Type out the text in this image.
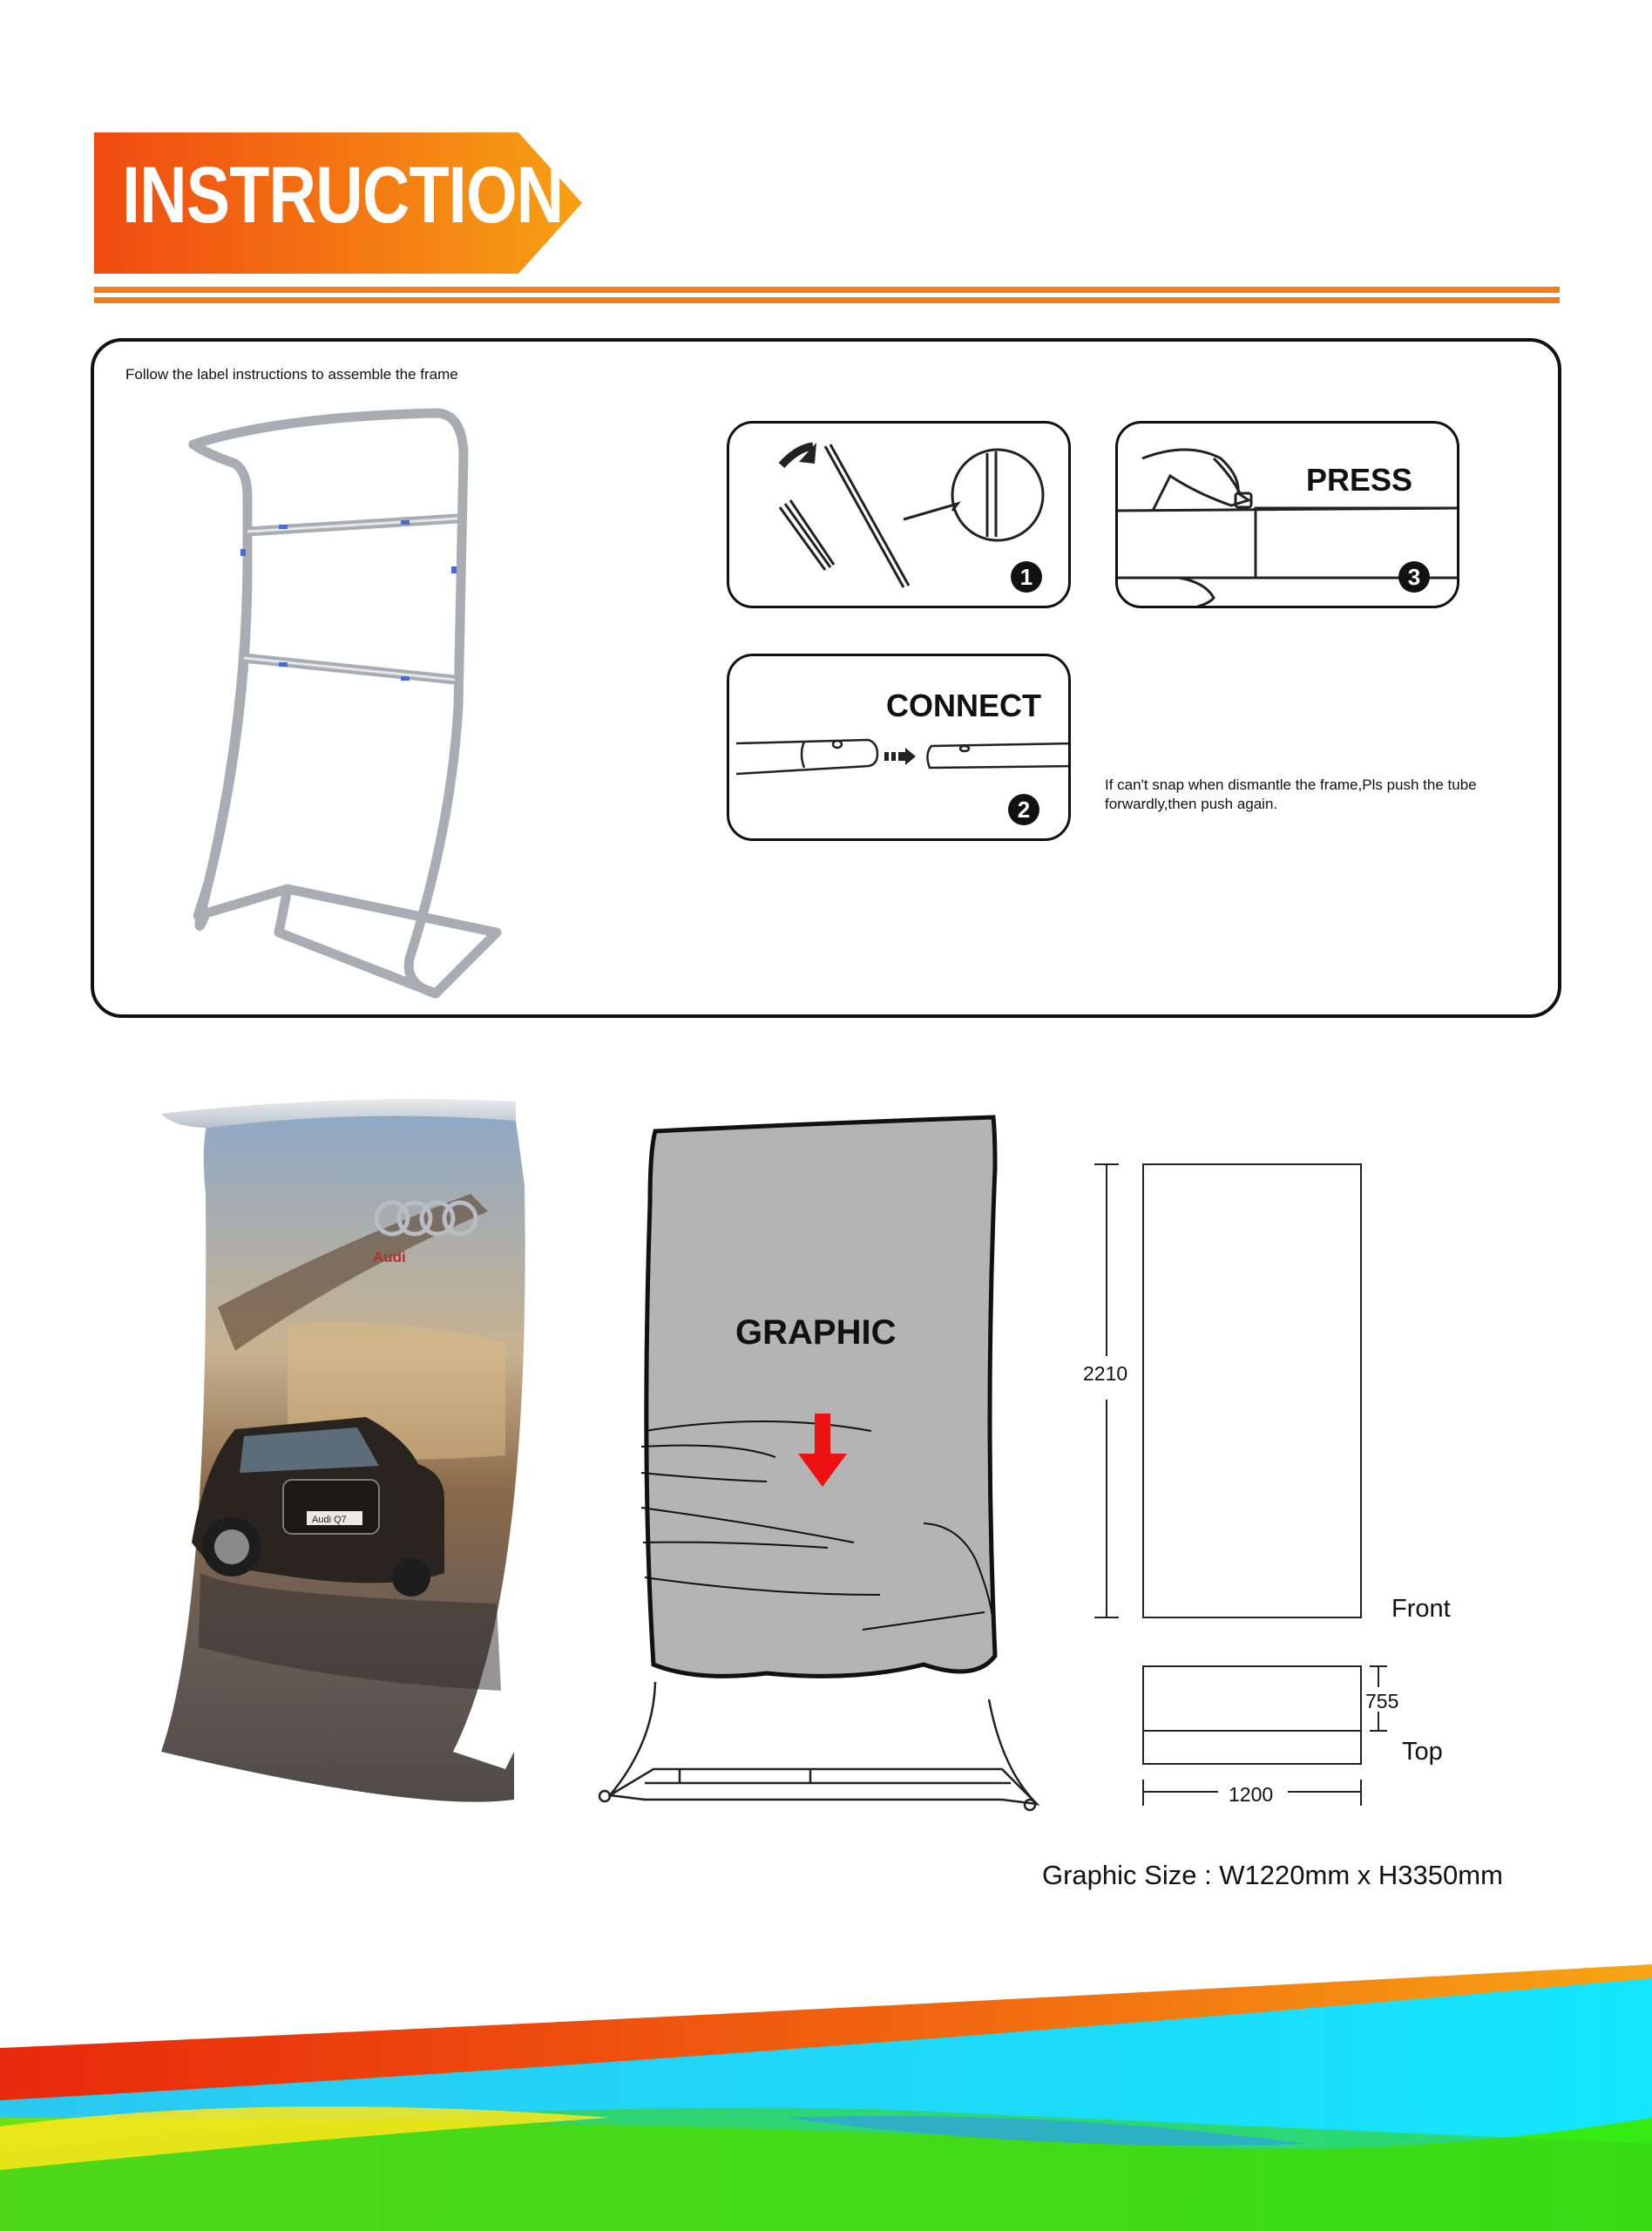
INSTRUCTION
Follow the label instructions to assemble the frame
1
PRESS
3
CONNECT
2
If can't snap when dismantle the frame,Pls push the tube forwardly,then push again.
Audi
Audi Q7
GRAPHIC
2210
755
1200
Front
Top
Graphic Size : W1220mm x H3350mm
